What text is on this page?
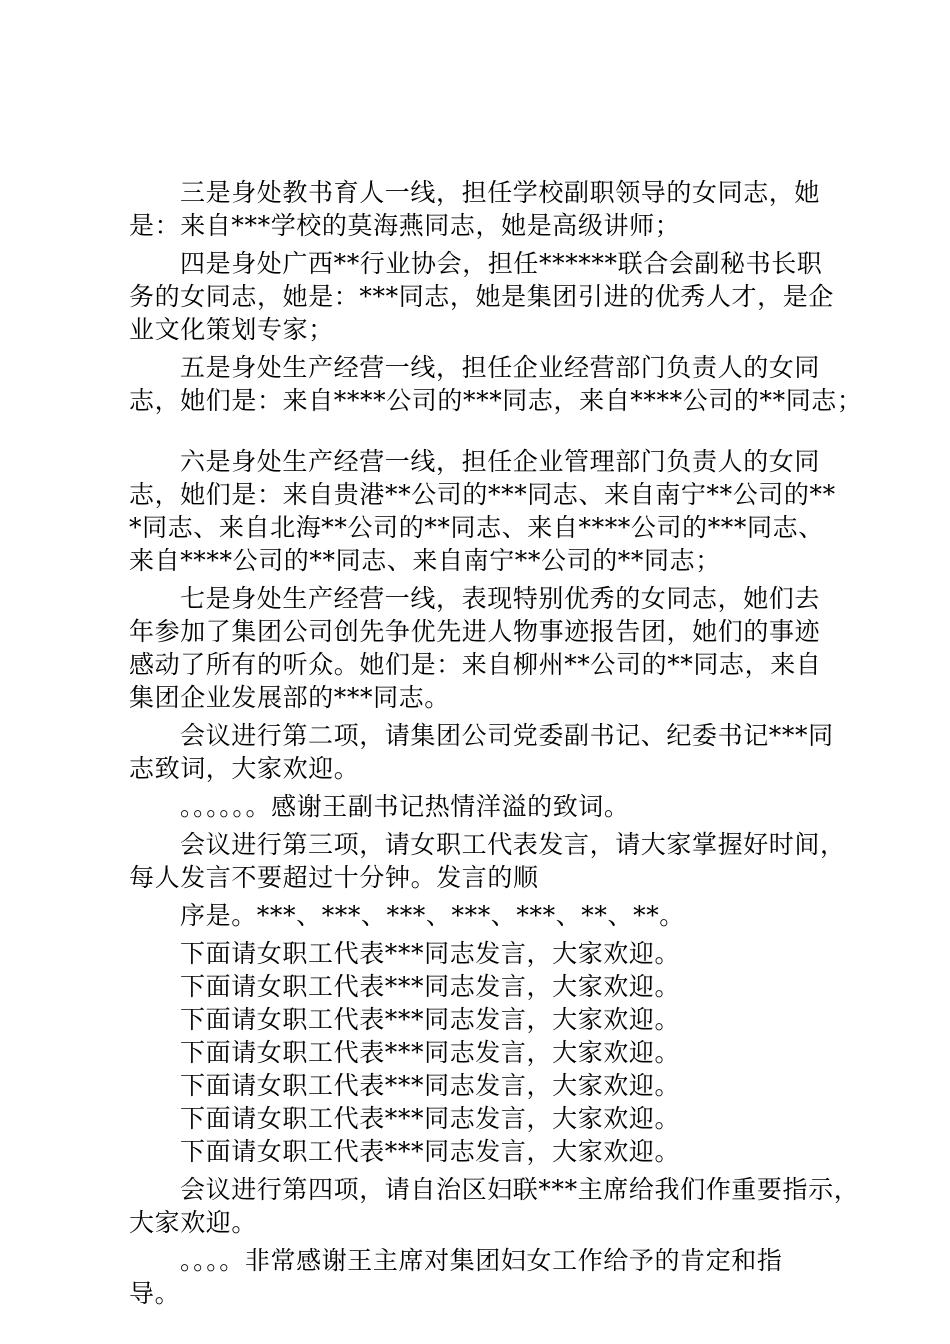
三是身处教书育人一线，担任学校副职领导的女同志，她
是：来自***学校的莫海燕同志，她是高级讲师；
四是身处广西**行业协会，担任******联合会副秘书长职
务的女同志，她是：***同志，她是集团引进的优秀人才，是企
业文化策划专家；
五是身处生产经营一线，担任企业经营部门负责人的女同
志，她们是：来自****公司的***同志，来自****公司的**同志；
六是身处生产经营一线，担任企业管理部门负责人的女同
志，她们是：来自贵港**公司的***同志、来自南宁**公司的**
*同志、来自北海**公司的**同志、来自****公司的***同志、
来自****公司的**同志、来自南宁**公司的**同志；
七是身处生产经营一线，表现特别优秀的女同志，她们去
年参加了集团公司创先争优先进人物事迹报告团，她们的事迹
感动了所有的听众。她们是：来自柳州**公司的**同志，来自
集团企业发展部的***同志。
会议进行第二项，请集团公司党委副书记、纪委书记***同
志致词，大家欢迎。
。。。。。。感谢王副书记热情洋溢的致词。
会议进行第三项，请女职工代表发言，请大家掌握好时间，
每人发言不要超过十分钟。发言的顺
序是。***、***、***、***、***、**、**。
下面请女职工代表***同志发言，大家欢迎。
下面请女职工代表***同志发言，大家欢迎。
下面请女职工代表***同志发言，大家欢迎。
下面请女职工代表***同志发言，大家欢迎。
下面请女职工代表***同志发言，大家欢迎。
下面请女职工代表***同志发言，大家欢迎。
下面请女职工代表***同志发言，大家欢迎。
会议进行第四项，请自治区妇联***主席给我们作重要指示，
大家欢迎。
。。。。非常感谢王主席对集团妇女工作给予的肯定和指
导。
